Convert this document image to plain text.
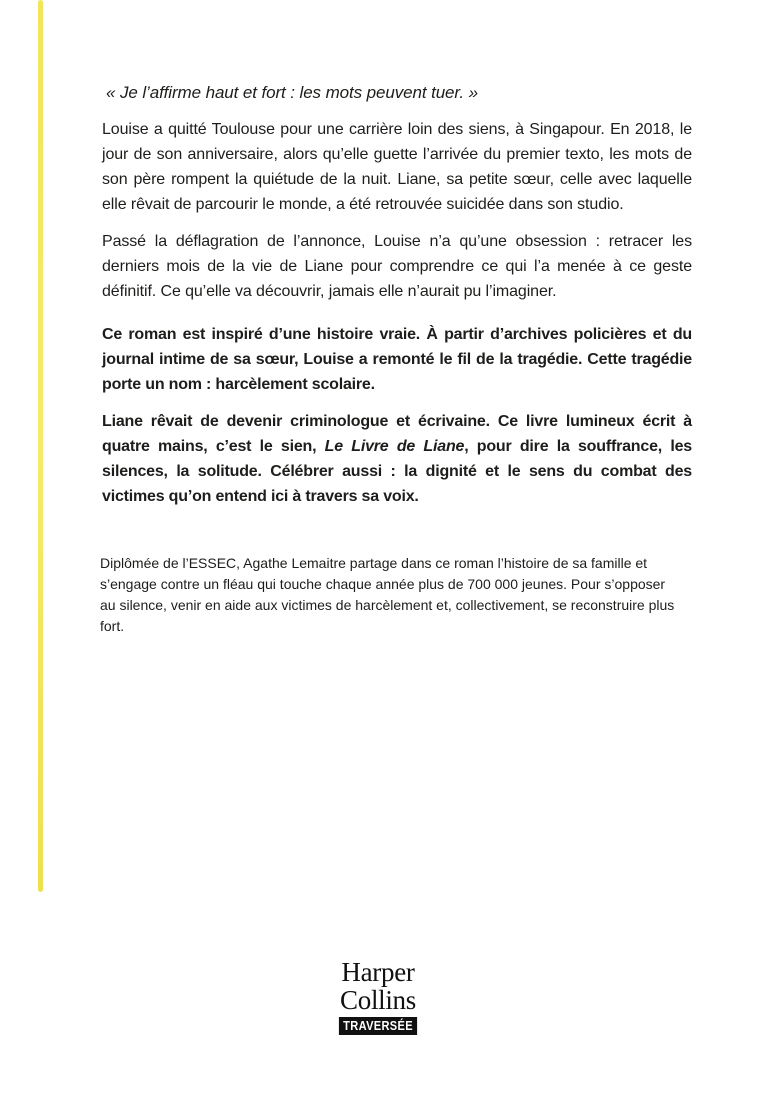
« Je l’affirme haut et fort : les mots peuvent tuer. »

Louise a quitté Toulouse pour une carrière loin des siens, à Singapour. En 2018, le jour de son anniversaire, alors qu’elle guette l’arrivée du premier texto, les mots de son père rompent la quiétude de la nuit. Liane, sa petite sœur, celle avec laquelle elle rêvait de parcourir le monde, a été retrouvée suicidée dans son studio.

Passé la déflagration de l’annonce, Louise n’a qu’une obsession : retracer les derniers mois de la vie de Liane pour comprendre ce qui l’a menée à ce geste définitif. Ce qu’elle va découvrir, jamais elle n’aurait pu l’imaginer.

Ce roman est inspiré d’une histoire vraie. À partir d’archives policières et du journal intime de sa sœur, Louise a remonté le fil de la tragédie. Cette tragédie porte un nom : harcèlement scolaire.

Liane rêvait de devenir criminologue et écrivaine. Ce livre lumineux écrit à quatre mains, c’est le sien, Le Livre de Liane, pour dire la souffrance, les silences, la solitude. Célébrer aussi : la dignité et le sens du combat des victimes qu’on entend ici à travers sa voix.

Diplômée de l’ESSEC, Agathe Lemaitre partage dans ce roman l’histoire de sa famille et s’engage contre un fléau qui touche chaque année plus de 700 000 jeunes. Pour s’opposer au silence, venir en aide aux victimes de harcèlement et, collectivement, se reconstruire plus fort.

Harper
Collins
TRAVERSÉE
